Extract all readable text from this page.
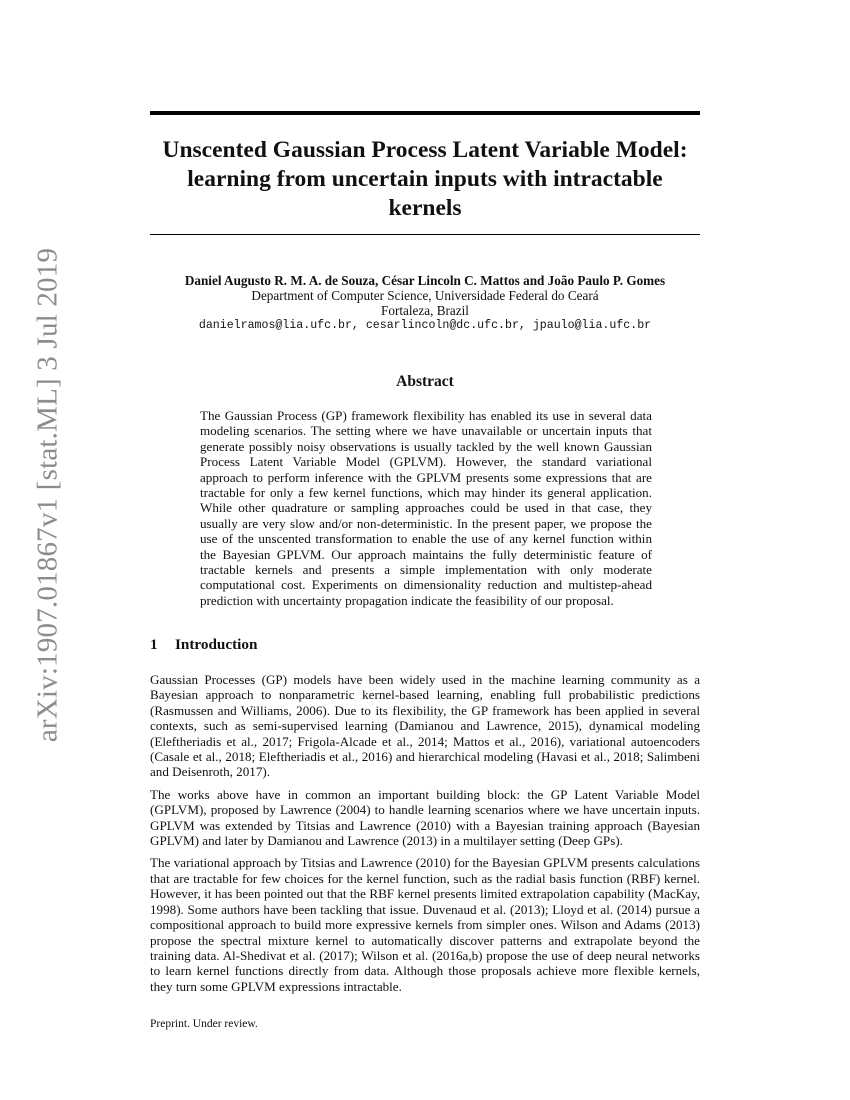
arXiv:1907.01867v1 [stat.ML] 3 Jul 2019
Unscented Gaussian Process Latent Variable Model: learning from uncertain inputs with intractable kernels
Daniel Augusto R. M. A. de Souza, César Lincoln C. Mattos and João Paulo P. Gomes
Department of Computer Science, Universidade Federal do Ceará
Fortaleza, Brazil
danielramos@lia.ufc.br, cesarlincoln@dc.ufc.br, jpaulo@lia.ufc.br
Abstract

The Gaussian Process (GP) framework flexibility has enabled its use in several data modeling scenarios. The setting where we have unavailable or uncertain inputs that generate possibly noisy observations is usually tackled by the well known Gaussian Process Latent Variable Model (GPLVM). However, the standard variational approach to perform inference with the GPLVM presents some expressions that are tractable for only a few kernel functions, which may hinder its general application. While other quadrature or sampling approaches could be used in that case, they usually are very slow and/or non-deterministic. In the present paper, we propose the use of the unscented transformation to enable the use of any kernel function within the Bayesian GPLVM. Our approach maintains the fully deterministic feature of tractable kernels and presents a simple implementation with only moderate computational cost. Experiments on dimensionality reduction and multistep-ahead prediction with uncertainty propagation indicate the feasibility of our proposal.

1 Introduction

Gaussian Processes (GP) models have been widely used in the machine learning community as a Bayesian approach to nonparametric kernel-based learning, enabling full probabilistic predictions (Rasmussen and Williams, 2006). Due to its flexibility, the GP framework has been applied in several contexts, such as semi-supervised learning (Damianou and Lawrence, 2015), dynamical modeling (Eleftheriadis et al., 2017; Frigola-Alcade et al., 2014; Mattos et al., 2016), variational autoencoders (Casale et al., 2018; Eleftheriadis et al., 2016) and hierarchical modeling (Havasi et al., 2018; Salimbeni and Deisenroth, 2017).

The works above have in common an important building block: the GP Latent Variable Model (GPLVM), proposed by Lawrence (2004) to handle learning scenarios where we have uncertain inputs. GPLVM was extended by Titsias and Lawrence (2010) with a Bayesian training approach (Bayesian GPLVM) and later by Damianou and Lawrence (2013) in a multilayer setting (Deep GPs).

The variational approach by Titsias and Lawrence (2010) for the Bayesian GPLVM presents calculations that are tractable for few choices for the kernel function, such as the radial basis function (RBF) kernel. However, it has been pointed out that the RBF kernel presents limited extrapolation capability (MacKay, 1998). Some authors have been tackling that issue. Duvenaud et al. (2013); Lloyd et al. (2014) pursue a compositional approach to build more expressive kernels from simpler ones. Wilson and Adams (2013) propose the spectral mixture kernel to automatically discover patterns and extrapolate beyond the training data. Al-Shedivat et al. (2017); Wilson et al. (2016a,b) propose the use of deep neural networks to learn kernel functions directly from data. Although those proposals achieve more flexible kernels, they turn some GPLVM expressions intractable.

Preprint. Under review.
